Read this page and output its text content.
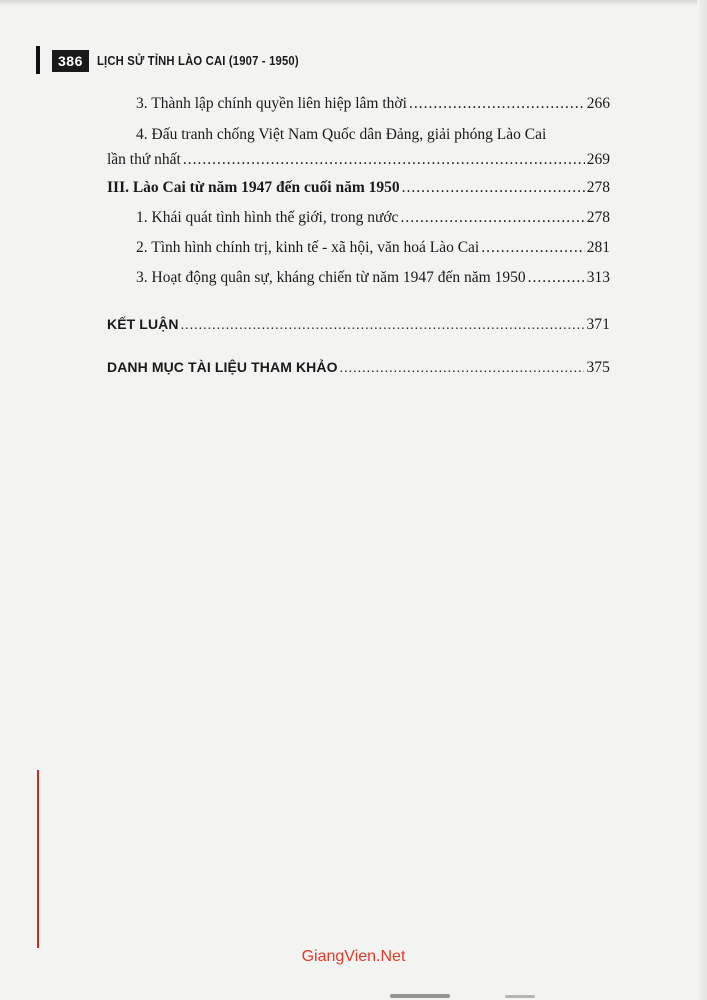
386	LỊCH SỬ TỈNH LÀO CAI (1907 - 1950)
3. Thành lập chính quyền liên hiệp lâm thời .....	266
4. Đấu tranh chống Việt Nam Quốc dân Đảng, giải phóng Lào Cai
lần thứ nhất .....	269
III. Lào Cai từ năm 1947 đến cuối năm 1950 .....	278
1. Khái quát tình hình thế giới, trong nước .....	278
2. Tình hình chính trị, kinh tế - xã hội, văn hoá Lào Cai .....	281
3. Hoạt động quân sự, kháng chiến từ năm 1947 đến năm 1950 .....	313
KẾT LUẬN .....	371
DANH MỤC TÀI LIỆU THAM KHẢO .....	375
GiangVien.Net
